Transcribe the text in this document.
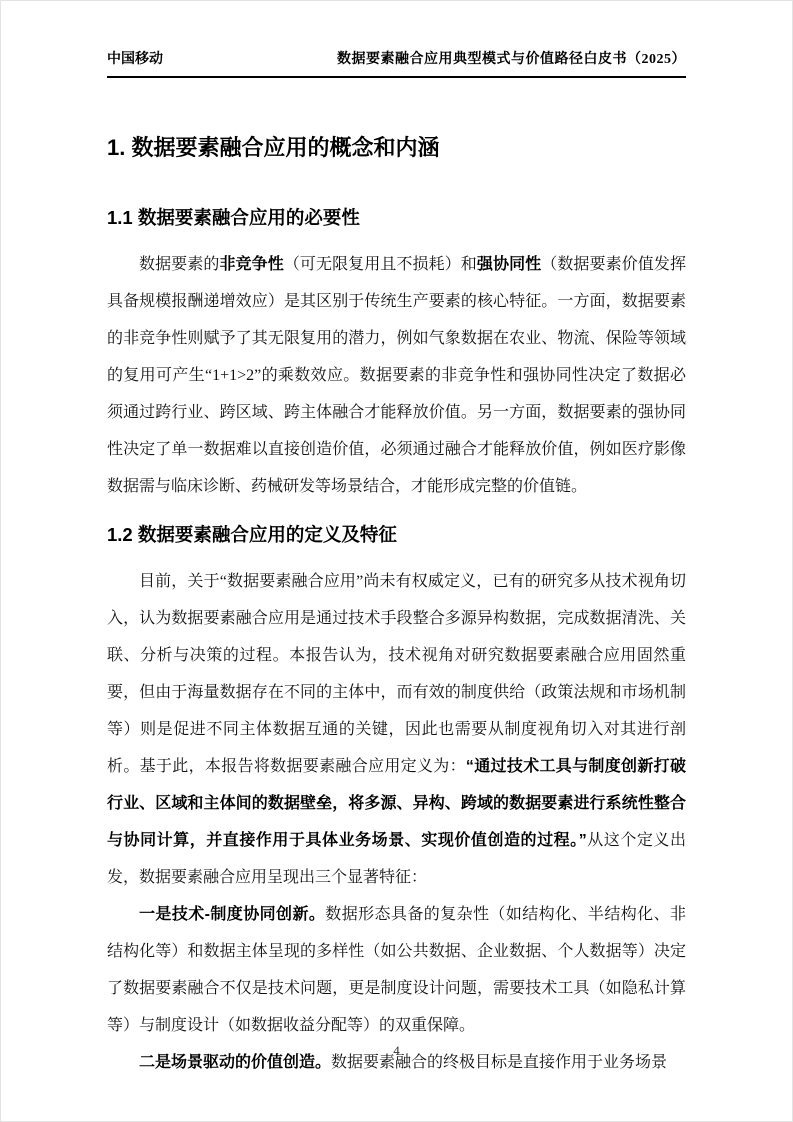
中国移动	数据要素融合应用典型模式与价值路径白皮书（2025）
1. 数据要素融合应用的概念和内涵
1.1 数据要素融合应用的必要性

数据要素的非竞争性（可无限复用且不损耗）和强协同性（数据要素价值发挥具备规模报酬递增效应）是其区别于传统生产要素的核心特征。一方面，数据要素的非竞争性则赋予了其无限复用的潜力，例如气象数据在农业、物流、保险等领域的复用可产生“1+1>2”的乘数效应。数据要素的非竞争性和强协同性决定了数据必须通过跨行业、跨区域、跨主体融合才能释放价值。另一方面，数据要素的强协同性决定了单一数据难以直接创造价值，必须通过融合才能释放价值，例如医疗影像数据需与临床诊断、药械研发等场景结合，才能形成完整的价值链。

1.2 数据要素融合应用的定义及特征

目前，关于“数据要素融合应用”尚未有权威定义，已有的研究多从技术视角切入，认为数据要素融合应用是通过技术手段整合多源异构数据，完成数据清洗、关联、分析与决策的过程。本报告认为，技术视角对研究数据要素融合应用固然重要，但由于海量数据存在不同的主体中，而有效的制度供给（政策法规和市场机制等）则是促进不同主体数据互通的关键，因此也需要从制度视角切入对其进行剖析。基于此，本报告将数据要素融合应用定义为：“通过技术工具与制度创新打破行业、区域和主体间的数据壁垒，将多源、异构、跨域的数据要素进行系统性整合与协同计算，并直接作用于具体业务场景、实现价值创造的过程。”从这个定义出发，数据要素融合应用呈现出三个显著特征：

一是技术-制度协同创新。数据形态具备的复杂性（如结构化、半结构化、非结构化等）和数据主体呈现的多样性（如公共数据、企业数据、个人数据等）决定了数据要素融合不仅是技术问题，更是制度设计问题，需要技术工具（如隐私计算等）与制度设计（如数据收益分配等）的双重保障。

二是场景驱动的价值创造。数据要素融合的终极目标是直接作用于业务场景

4
